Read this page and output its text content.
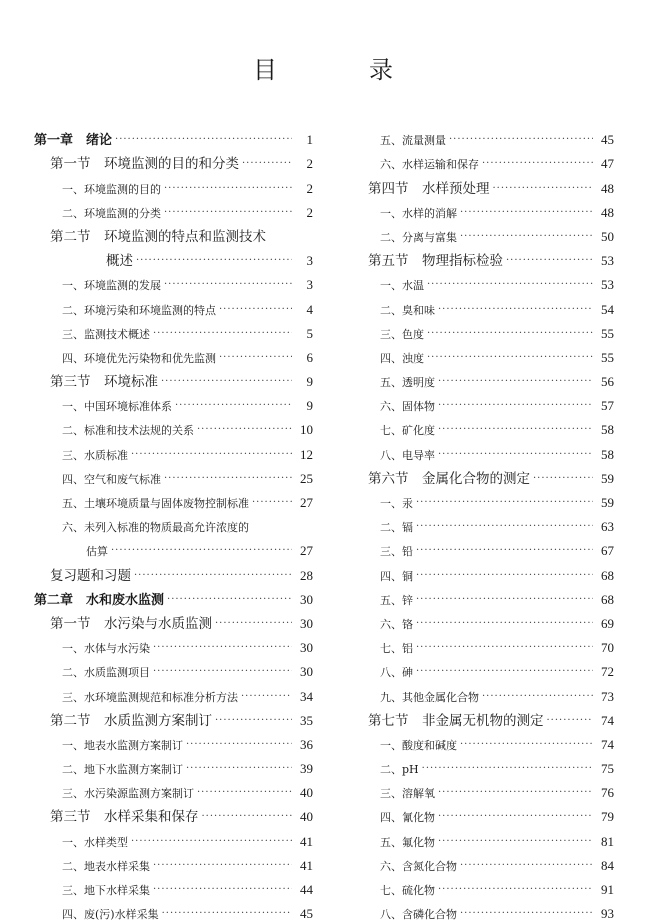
目　录
第一章　绪论 ·····	1
第一节　环境监测的目的和分类 ·····	2
一、环境监测的目的 ·····	2
二、环境监测的分类 ·····	2
第二节　环境监测的特点和监测技术
概述 ·····	3
一、环境监测的发展 ·····	3
二、环境污染和环境监测的特点 ·····	4
三、监测技术概述 ·····	5
四、环境优先污染物和优先监测 ·····	6
第三节　环境标准 ·····	9
一、中国环境标准体系 ·····	9
二、标准和技术法规的关系 ·····	10
三、水质标准 ·····	12
四、空气和废气标准 ·····	25
五、土壤环境质量与固体废物控制标准 ·····	27
六、未列入标准的物质最高允许浓度的
估算 ·····	27
复习题和习题 ·····	28
第二章　水和废水监测 ·····	30
第一节　水污染与水质监测 ·····	30
一、水体与水污染 ·····	30
二、水质监测项目 ·····	30
三、水环境监测规范和标准分析方法 ·····	34
第二节　水质监测方案制订 ·····	35
一、地表水监测方案制订 ·····	36
二、地下水监测方案制订 ·····	39
三、水污染源监测方案制订 ·····	40
第三节　水样采集和保存 ·····	40
一、水样类型 ·····	41
二、地表水样采集 ·····	41
三、地下水样采集 ·····	44
四、废(污)水样采集 ·····	45
五、流量测量 ·····	45
六、水样运输和保存 ·····	47
第四节　水样预处理 ·····	48
一、水样的消解 ·····	48
二、分离与富集 ·····	50
第五节　物理指标检验 ·····	53
一、水温 ·····	53
二、臭和味 ·····	54
三、色度 ·····	55
四、浊度 ·····	55
五、透明度 ·····	56
六、固体物 ·····	57
七、矿化度 ·····	58
八、电导率 ·····	58
第六节　金属化合物的测定 ·····	59
一、汞 ·····	59
二、镉 ·····	63
三、铅 ·····	67
四、铜 ·····	68
五、锌 ·····	68
六、铬 ·····	69
七、铝 ·····	70
八、砷 ·····	72
九、其他金属化合物 ·····	73
第七节　非金属无机物的测定 ·····	74
一、酸度和碱度 ·····	74
二、pH ·····	75
三、溶解氧 ·····	76
四、氰化物 ·····	79
五、氟化物 ·····	81
六、含氮化合物 ·····	84
七、硫化物 ·····	91
八、含磷化合物 ·····	93
